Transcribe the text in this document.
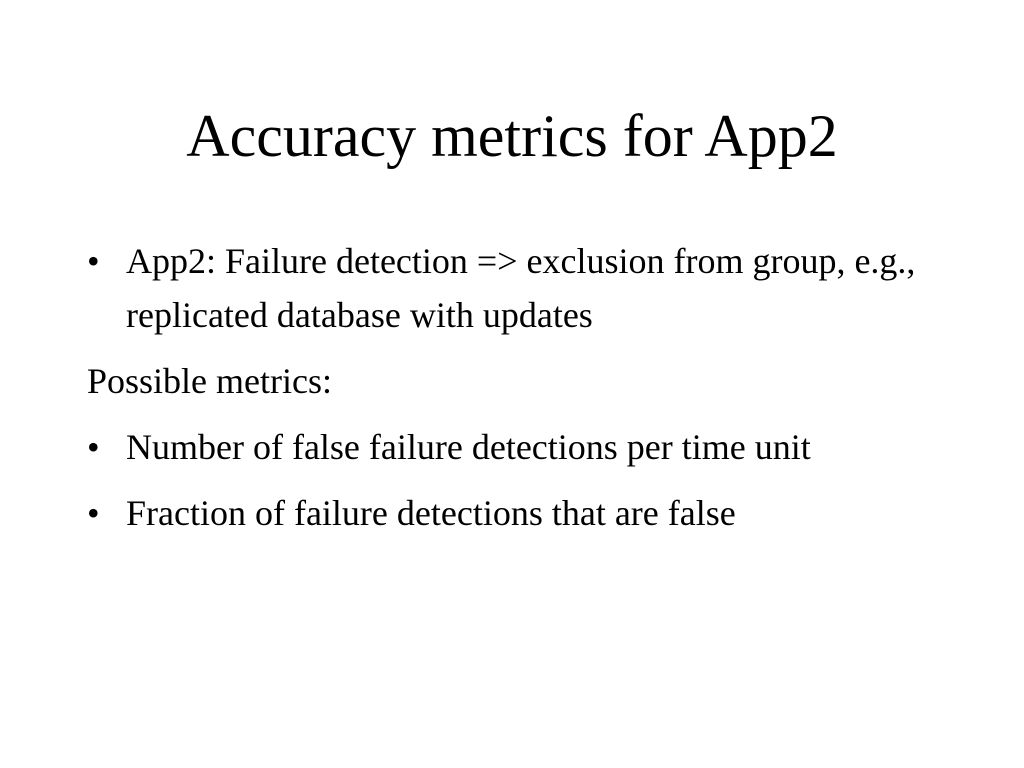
Accuracy metrics for App2
• App2: Failure detection => exclusion from group, e.g., replicated database with updates
Possible metrics:
• Number of false failure detections per time unit
• Fraction of failure detections that are false
